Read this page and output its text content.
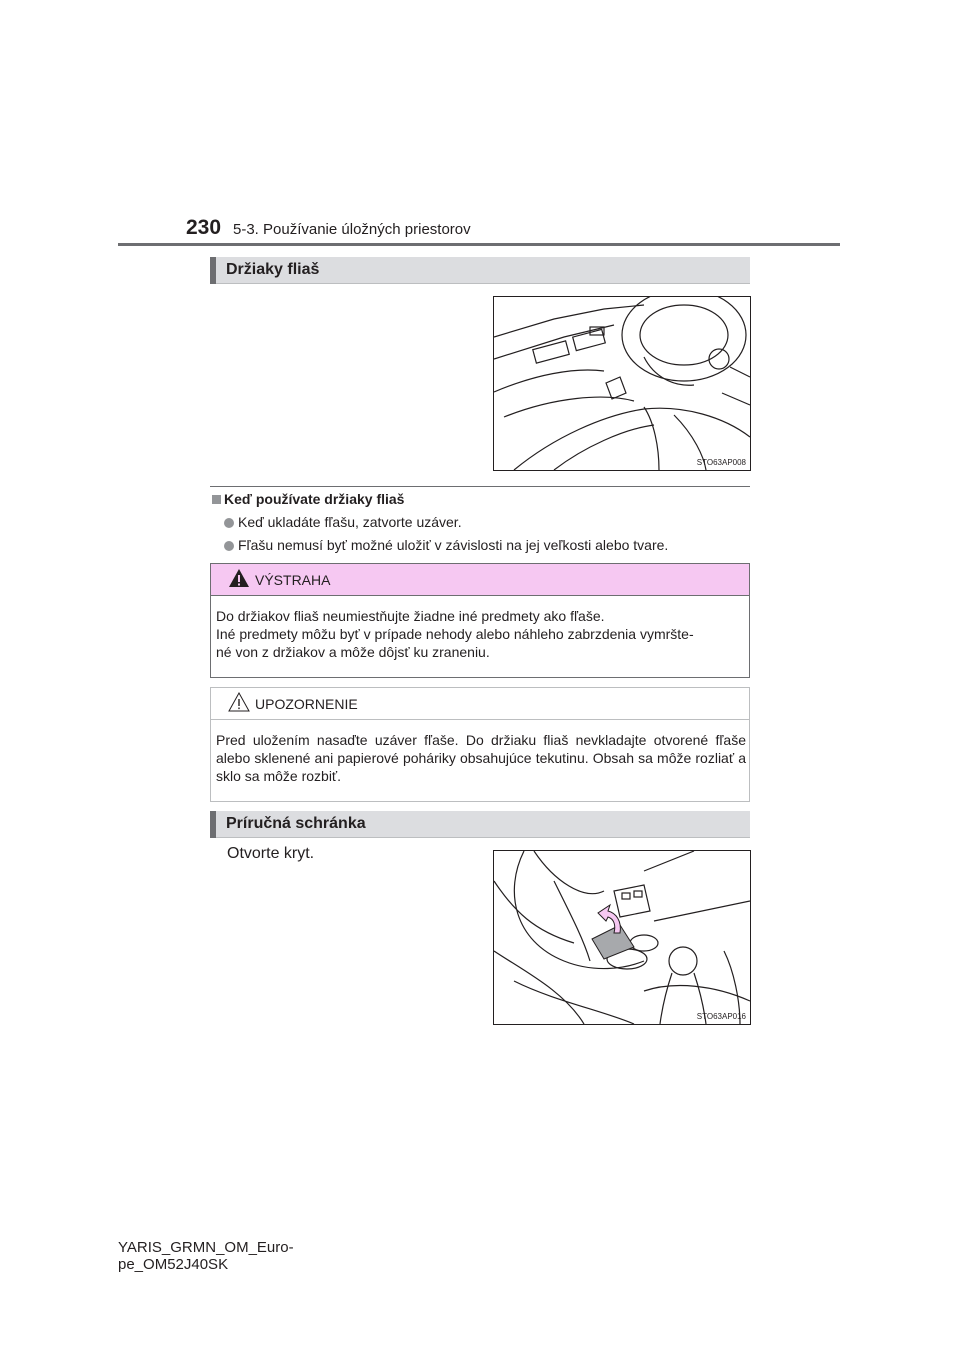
230 5-3. Používanie úložných priestorov
Držiaky fliaš
STO63AP008
Keď používate držiaky fliaš
Keď ukladáte fľašu, zatvorte uzáver.
Fľašu nemusí byť možné uložiť v závislosti na jej veľkosti alebo tvare.
VÝSTRAHA
Do držiakov fliaš neumiestňujte žiadne iné predmety ako fľaše.
Iné predmety môžu byť v prípade nehody alebo náhleho zabrzdenia vymršte-
né von z držiakov a môže dôjsť ku zraneniu.
UPOZORNENIE
Pred uložením nasaďte uzáver fľaše. Do držiaku fliaš nevkladajte otvorené fľaše alebo sklenené ani papierové poháriky obsahujúce tekutinu. Obsah sa môže rozliať a sklo sa môže rozbiť.
Príručná schránka
Otvorte kryt.
STO63AP016
YARIS_GRMN_OM_Euro-
pe_OM52J40SK
